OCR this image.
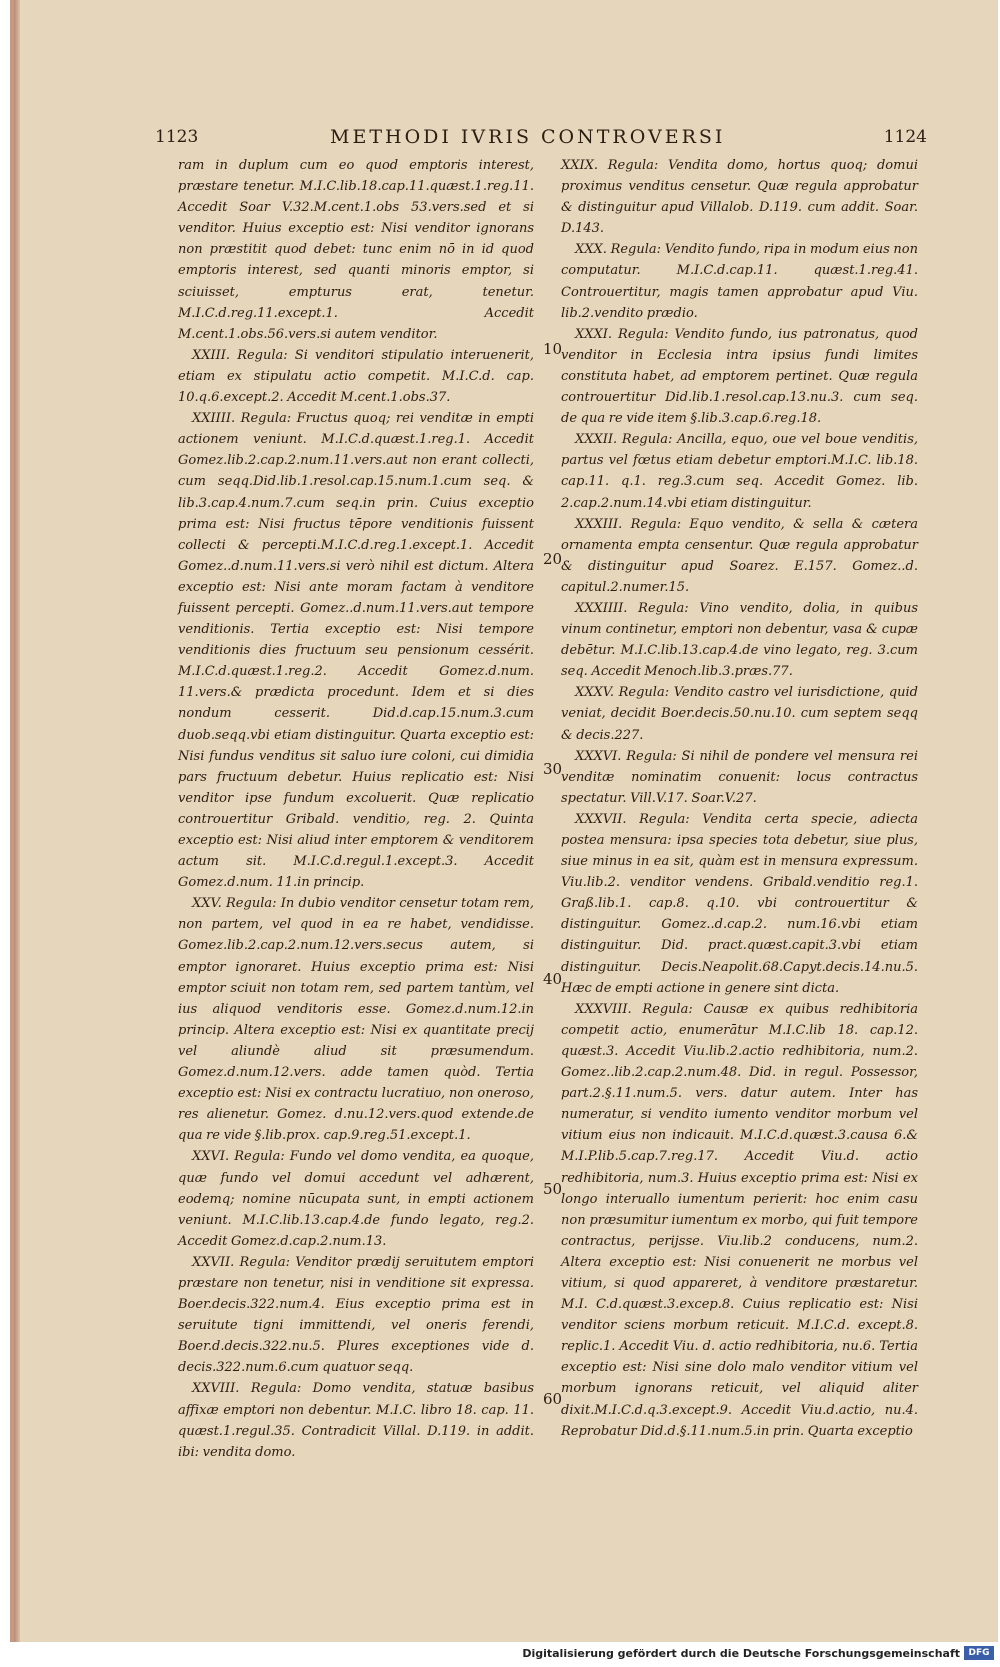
1123	METHODI IVRIS CONTROVERSI	1124

ram in duplum cum eo quod emptoris interest, præstare tenetur. M.I.C.lib.18.cap.11.quæst.1.reg.11. Accedit Soar V.32.M.cent.1.obs 53.vers.sed et si venditor. Huius exceptio est: Nisi venditor ignorans non præstitit quod debet: tunc enim nō in id quod emptoris interest, sed quanti minoris emptor, si sciuisset, empturus erat, tenetur. M.I.C.d.reg.11.except.1. Accedit M.cent.1.obs.56.vers.si autem venditor.

XXIII. Regula: Si venditori stipulatio interuenerit, etiam ex stipulatu actio competit. M.I.C.d. cap. 10.q.6.except.2. Accedit M.cent.1.obs.37.

XXIIII. Regula: Fructus quoq; rei venditæ in empti actionem veniunt. M.I.C.d.quæst.1.reg.1. Accedit Gomez.lib.2.cap.2.num.11.vers.aut non erant collecti, cum seqq.Did.lib.1.resol.cap.15.num.1.cum seq. & lib.3.cap.4.num.7.cum seq.in prin. Cuius exceptio prima est: Nisi fructus tēpore venditionis fuissent collecti & percepti.M.I.C.d.reg.1.except.1. Accedit Gomez..d.num.11.vers.si verò nihil est dictum. Altera exceptio est: Nisi ante moram factam à venditore fuissent percepti. Gomez..d.num.11.vers.aut tempore venditionis. Tertia exceptio est: Nisi tempore venditionis dies fructuum seu pensionum cessérit. M.I.C.d.quæst.1.reg.2. Accedit Gomez.d.num. 11.vers.& prædicta procedunt. Idem et si dies nondum cesserit. Did.d.cap.15.num.3.cum duob.seqq.vbi etiam distinguitur. Quarta exceptio est: Nisi fundus venditus sit saluo iure coloni, cui dimidia pars fructuum debetur. Huius replicatio est: Nisi venditor ipse fundum excoluerit. Quæ replicatio controuertitur Gribald. venditio, reg. 2. Quinta exceptio est: Nisi aliud inter emptorem & venditorem actum sit. M.I.C.d.regul.1.except.3. Accedit Gomez.d.num. 11.in princip.

XXV. Regula: In dubio venditor censetur totam rem, non partem, vel quod in ea re habet, vendidisse. Gomez.lib.2.cap.2.num.12.vers.secus autem, si emptor ignoraret. Huius exceptio prima est: Nisi emptor sciuit non totam rem, sed partem tantùm, vel ius aliquod venditoris esse. Gomez.d.num.12.in princip. Altera exceptio est: Nisi ex quantitate precij vel aliundè aliud sit præsumendum. Gomez.d.num.12.vers. adde tamen quòd. Tertia exceptio est: Nisi ex contractu lucratiuo, non oneroso, res alienetur. Gomez. d.nu.12.vers.quod extende.de qua re vide §.lib.prox. cap.9.reg.51.except.1.

XXVI. Regula: Fundo vel domo vendita, ea quoque, quæ fundo vel domui accedunt vel adhærent, eodemq; nomine nūcupata sunt, in empti actionem veniunt. M.I.C.lib.13.cap.4.de fundo legato, reg.2. Accedit Gomez.d.cap.2.num.13.

XXVII. Regula: Venditor prædij seruitutem emptori præstare non tenetur, nisi in venditione sit expressa. Boer.decis.322.num.4. Eius exceptio prima est in seruitute tigni immittendi, vel oneris ferendi, Boer.d.decis.322.nu.5. Plures exceptiones vide d. decis.322.num.6.cum quatuor seqq.

XXVIII. Regula: Domo vendita, statuæ basibus affixæ emptori non debentur. M.I.C. libro 18. cap. 11. quæst.1.regul.35. Contradicit Villal. D.119. in addit. ibi: vendita domo.

10
20
30
40
50
60

XXIX. Regula: Vendita domo, hortus quoq; domui proximus venditus censetur. Quæ regula approbatur & distinguitur apud Villalob. D.119. cum addit. Soar. D.143.

XXX. Regula: Vendito fundo, ripa in modum eius non computatur. M.I.C.d.cap.11. quæst.1.reg.41. Controuertitur, magis tamen approbatur apud Viu. lib.2.vendito prædio.

XXXI. Regula: Vendito fundo, ius patronatus, quod venditor in Ecclesia intra ipsius fundi limites constituta habet, ad emptorem pertinet. Quæ regula controuertitur Did.lib.1.resol.cap.13.nu.3. cum seq. de qua re vide item §.lib.3.cap.6.reg.18.

XXXII. Regula: Ancilla, equo, oue vel boue venditis, partus vel fœtus etiam debetur emptori.M.I.C. lib.18. cap.11. q.1. reg.3.cum seq. Accedit Gomez. lib. 2.cap.2.num.14.vbi etiam distinguitur.

XXXIII. Regula: Equo vendito, & sella & cætera ornamenta empta censentur. Quæ regula approbatur & distinguitur apud Soarez. E.157. Gomez..d. capitul.2.numer.15.

XXXIIII. Regula: Vino vendito, dolia, in quibus vinum continetur, emptori non debentur, vasa & cupæ debētur. M.I.C.lib.13.cap.4.de vino legato, reg. 3.cum seq. Accedit Menoch.lib.3.præs.77.

XXXV. Regula: Vendito castro vel iurisdictione, quid veniat, decidit Boer.decis.50.nu.10. cum septem seqq & decis.227.

XXXVI. Regula: Si nihil de pondere vel mensura rei venditæ nominatim conuenit: locus contractus spectatur. Vill.V.17. Soar.V.27.

XXXVII. Regula: Vendita certa specie, adiecta postea mensura: ipsa species tota debetur, siue plus, siue minus in ea sit, quàm est in mensura expressum. Viu.lib.2. venditor vendens. Gribald.venditio reg.1. Graß.lib.1. cap.8. q.10. vbi controuertitur & distinguitur. Gomez..d.cap.2. num.16.vbi etiam distinguitur. Did. pract.quæst.capit.3.vbi etiam distinguitur. Decis.Neapolit.68.Capyt.decis.14.nu.5. Hæc de empti actione in genere sint dicta.

XXXVIII. Regula: Causæ ex quibus redhibitoria competit actio, enumerātur M.I.C.lib 18. cap.12. quæst.3. Accedit Viu.lib.2.actio redhibitoria, num.2. Gomez..lib.2.cap.2.num.48. Did. in regul. Possessor, part.2.§.11.num.5. vers. datur autem. Inter has numeratur, si vendito iumento venditor morbum vel vitium eius non indicauit. M.I.C.d.quæst.3.causa 6.& M.I.P.lib.5.cap.7.reg.17. Accedit Viu.d. actio redhibitoria, num.3. Huius exceptio prima est: Nisi ex longo interuallo iumentum perierit: hoc enim casu non præsumitur iumentum ex morbo, qui fuit tempore contractus, perijsse. Viu.lib.2 conducens, num.2. Altera exceptio est: Nisi conuenerit ne morbus vel vitium, si quod appareret, à venditore præstaretur. M.I. C.d.quæst.3.excep.8. Cuius replicatio est: Nisi venditor sciens morbum reticuit. M.I.C.d. except.8. replic.1. Accedit Viu. d. actio redhibitoria, nu.6. Tertia exceptio est: Nisi sine dolo malo venditor vitium vel morbum ignorans reticuit, vel aliquid aliter dixit.M.I.C.d.q.3.except.9. Accedit Viu.d.actio, nu.4. Reprobatur Did.d.§.11.num.5.in prin. Quarta exceptio

Digitalisierung gefördert durch die Deutsche Forschungsgemeinschaft DFG
